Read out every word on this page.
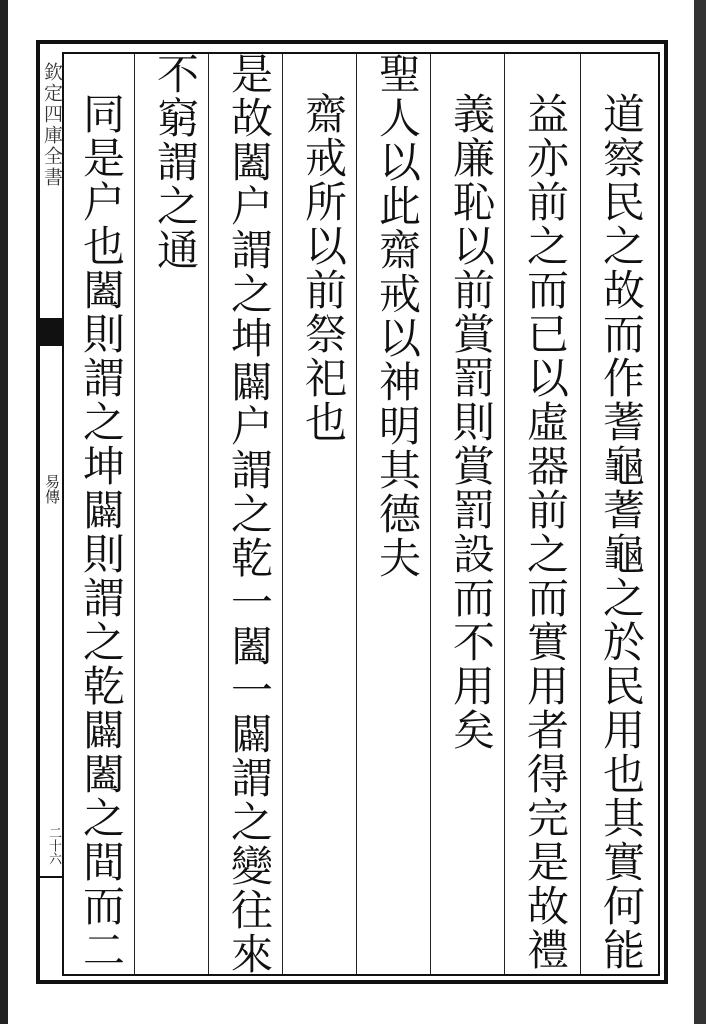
欽定四庫全書
易傳
二十六	道察民之故而作蓍龜蓍龜之於民用也其實何能
益亦前之而已以虛器前之而實用者得完是故禮
義廉恥以前賞罰則賞罰設而不用矣
聖人以此齋戒以神明其德夫
齋戒所以前祭祀也
是故闔户謂之坤闢户謂之乾一闔一闢謂之變往來
不窮謂之通
同是户也闔則謂之坤闢則謂之乾闢闔之間而二
